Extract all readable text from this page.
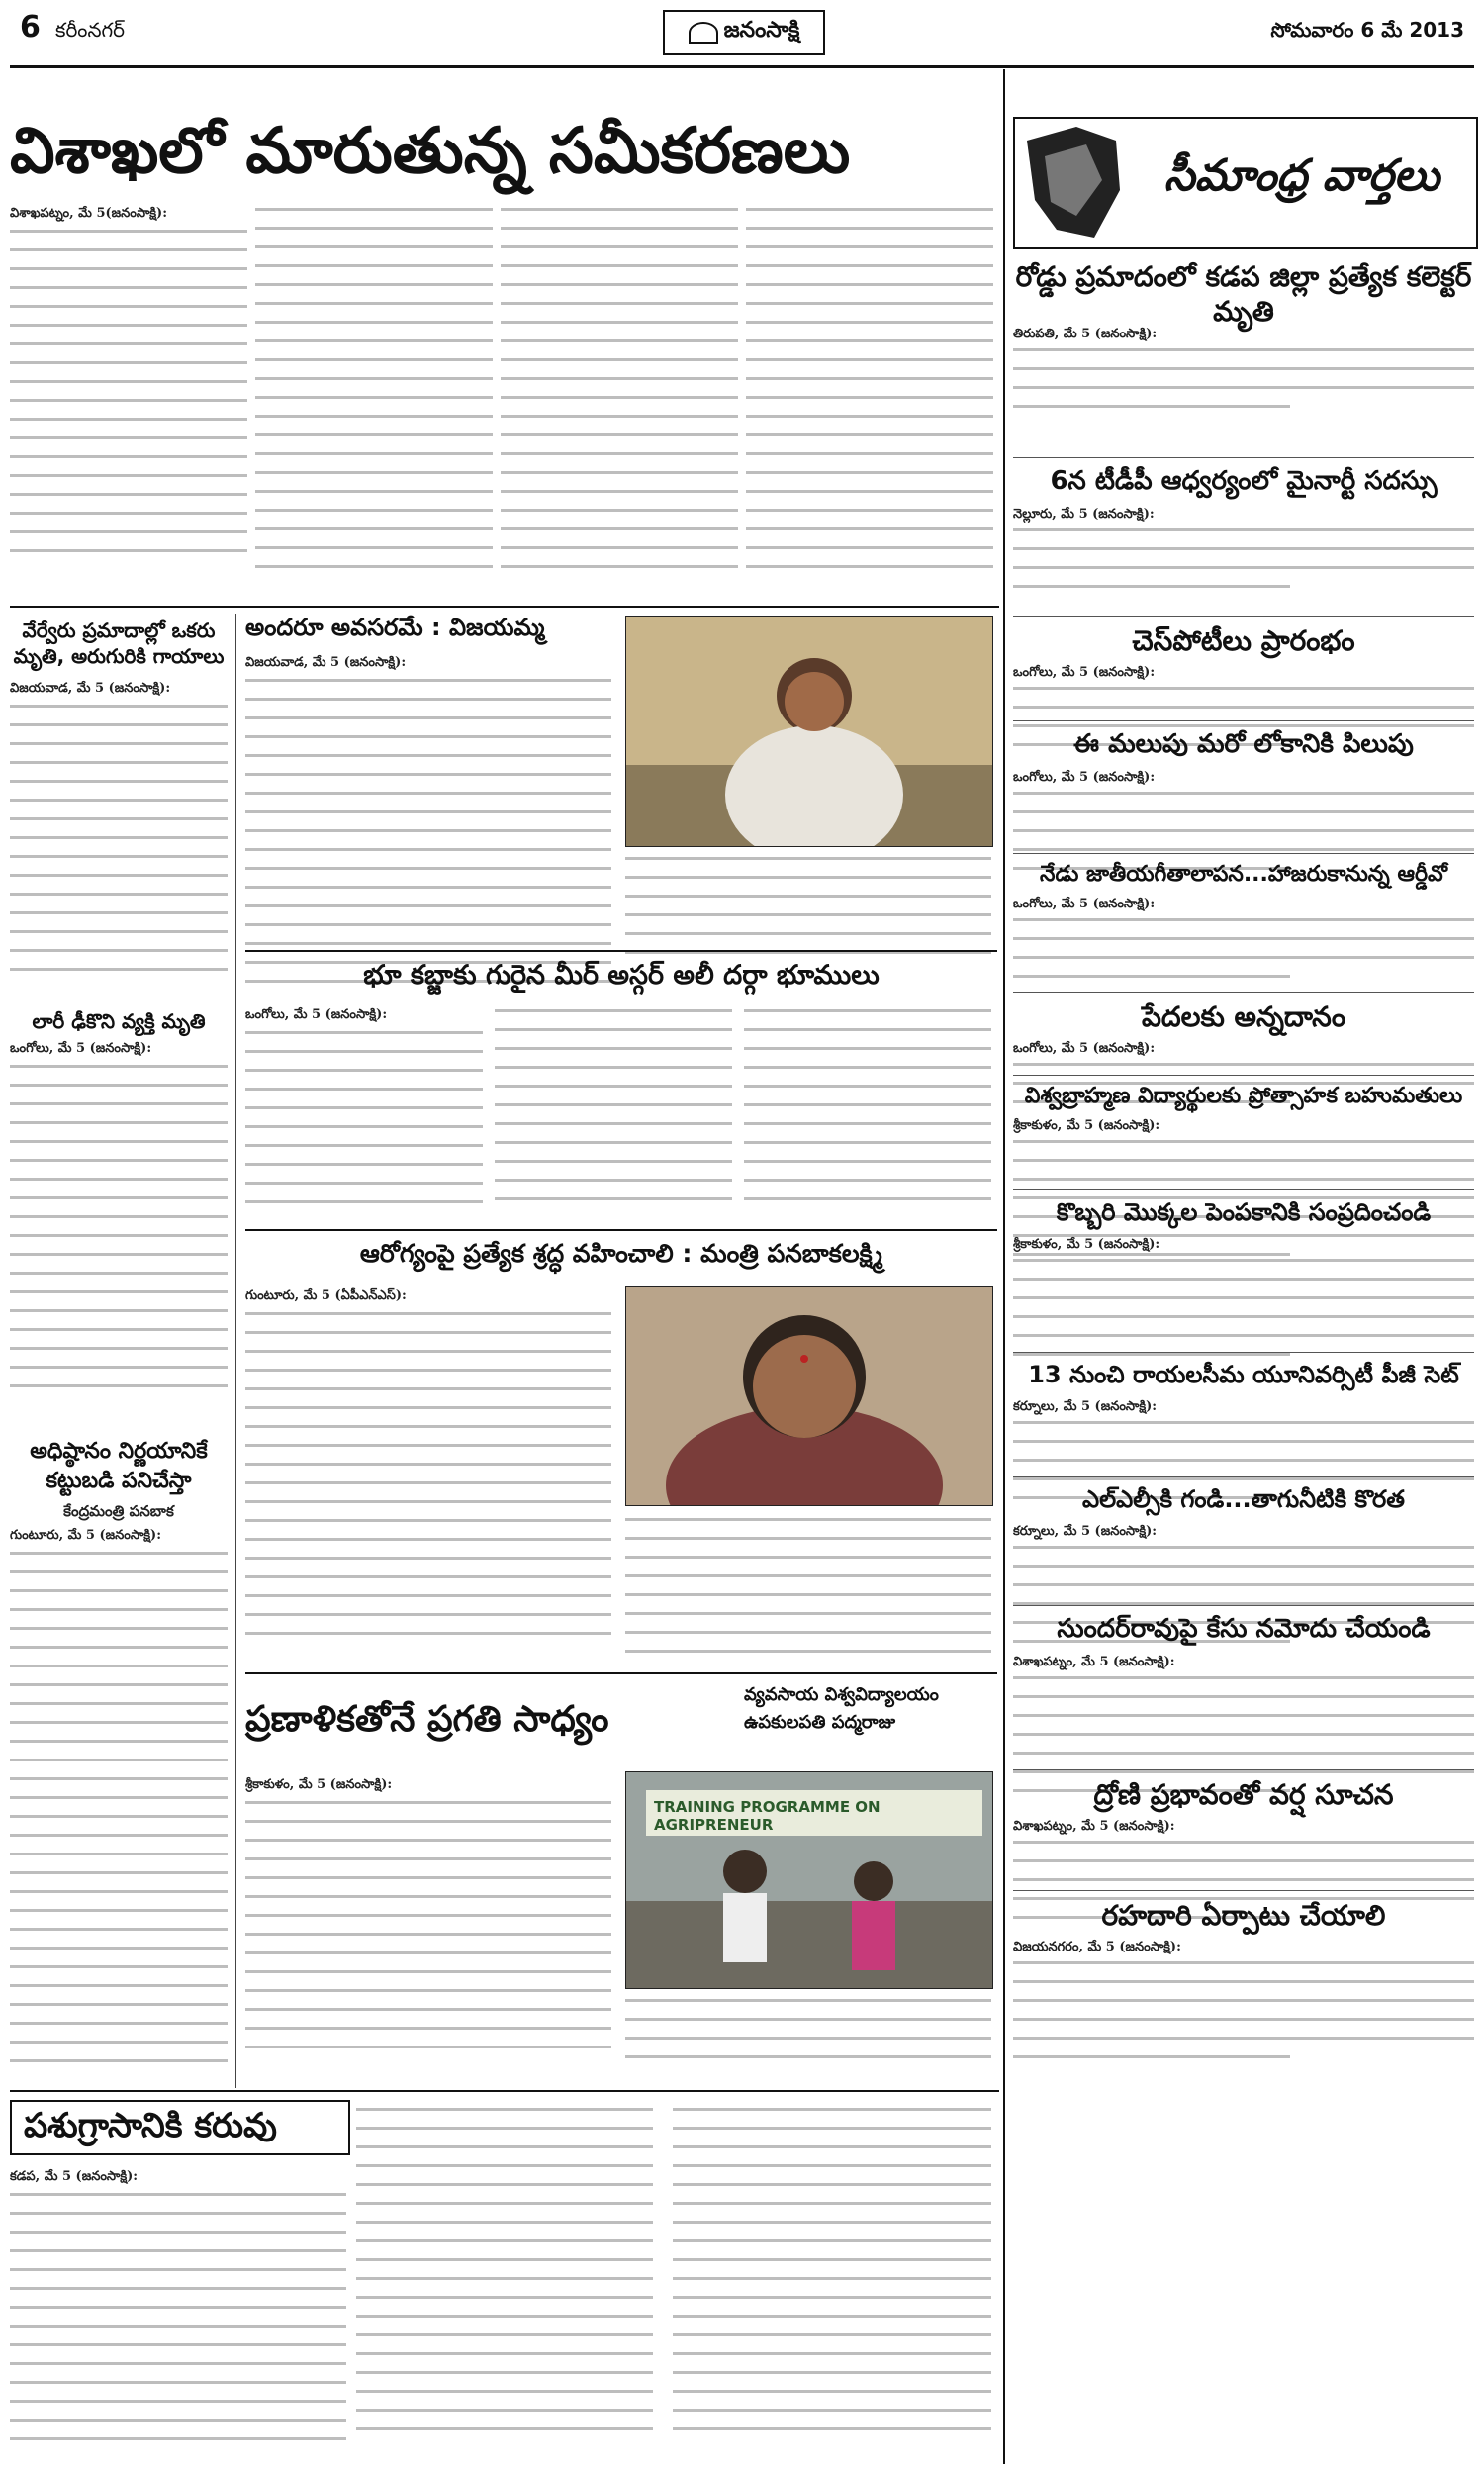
6 కరీంనగర్	జనంసాక్షి	సోమవారం 6 మే 2013
విశాఖలో మారుతున్న సమీకరణలు
విశాఖపట్నం, మే 5(జనంసాక్షి):
వేర్వేరు ప్రమాదాల్లో ఒకరు మృతి, అరుగురికి గాయాలు
విజయవాడ, మే 5 (జనంసాక్షి):
లారీ ఢీకొని వ్యక్తి మృతి
ఒంగోలు, మే 5 (జనంసాక్షి):
అధిష్ఠానం నిర్ణయానికే కట్టుబడి పనిచేస్తా
కేంద్రమంత్రి పనబాక
గుంటూరు, మే 5 (జనంసాక్షి):
అందరూ అవసరమే : విజయమ్మ
విజయవాడ, మే 5 (జనంసాక్షి):
భూ కబ్జాకు గురైన మీర్ అస్గర్ అలీ దర్గా భూములు
ఒంగోలు, మే 5 (జనంసాక్షి):
ఆరోగ్యంపై ప్రత్యేక శ్రద్ధ వహించాలి : మంత్రి పనబాకలక్ష్మి
గుంటూరు, మే 5 (ఏపీఎన్ఎస్):
ప్రణాళికతోనే ప్రగతి సాధ్యం
వ్యవసాయ విశ్వవిద్యాలయం
ఉపకులపతి పద్మరాజు
శ్రీకాకుళం, మే 5 (జనంసాక్షి):
TRAINING PROGRAMME ON AGRIPRENEUR
పశుగ్రాసానికి కరువు
కడప, మే 5 (జనంసాక్షి):
సీమాంధ్ర వార్తలు
రోడ్డు ప్రమాదంలో కడప జిల్లా ప్రత్యేక కలెక్టర్ మృతి
తిరుపతి, మే 5 (జనంసాక్షి):
6న టీడీపీ ఆధ్వర్యంలో మైనార్టీ సదస్సు
నెల్లూరు, మే 5 (జనంసాక్షి):
చెస్‌పోటీలు ప్రారంభం
ఒంగోలు, మే 5 (జనంసాక్షి):
ఈ మలుపు మరో లోకానికి పిలుపు
ఒంగోలు, మే 5 (జనంసాక్షి):
నేడు జాతీయగీతాలాపన...హాజరుకానున్న ఆర్డీవో
ఒంగోలు, మే 5 (జనంసాక్షి):
పేదలకు అన్నదానం
ఒంగోలు, మే 5 (జనంసాక్షి):
విశ్వబ్రాహ్మణ విద్యార్థులకు ప్రోత్సాహక బహుమతులు
శ్రీకాకుళం, మే 5 (జనంసాక్షి):
కొబ్బరి మొక్కల పెంపకానికి సంప్రదించండి
శ్రీకాకుళం, మే 5 (జనంసాక్షి):
13 నుంచి రాయలసీమ యూనివర్సిటీ పీజీ సెట్
కర్నూలు, మే 5 (జనంసాక్షి):
ఎల్ఎల్సీకి గండి...తాగునీటికి కొరత
కర్నూలు, మే 5 (జనంసాక్షి):
సుందర్‌రావుపై కేసు నమోదు చేయండి
విశాఖపట్నం, మే 5 (జనంసాక్షి):
ద్రోణి ప్రభావంతో వర్ష సూచన
విశాఖపట్నం, మే 5 (జనంసాక్షి):
రహదారి ఏర్పాటు చేయాలి
విజయనగరం, మే 5 (జనంసాక్షి):
